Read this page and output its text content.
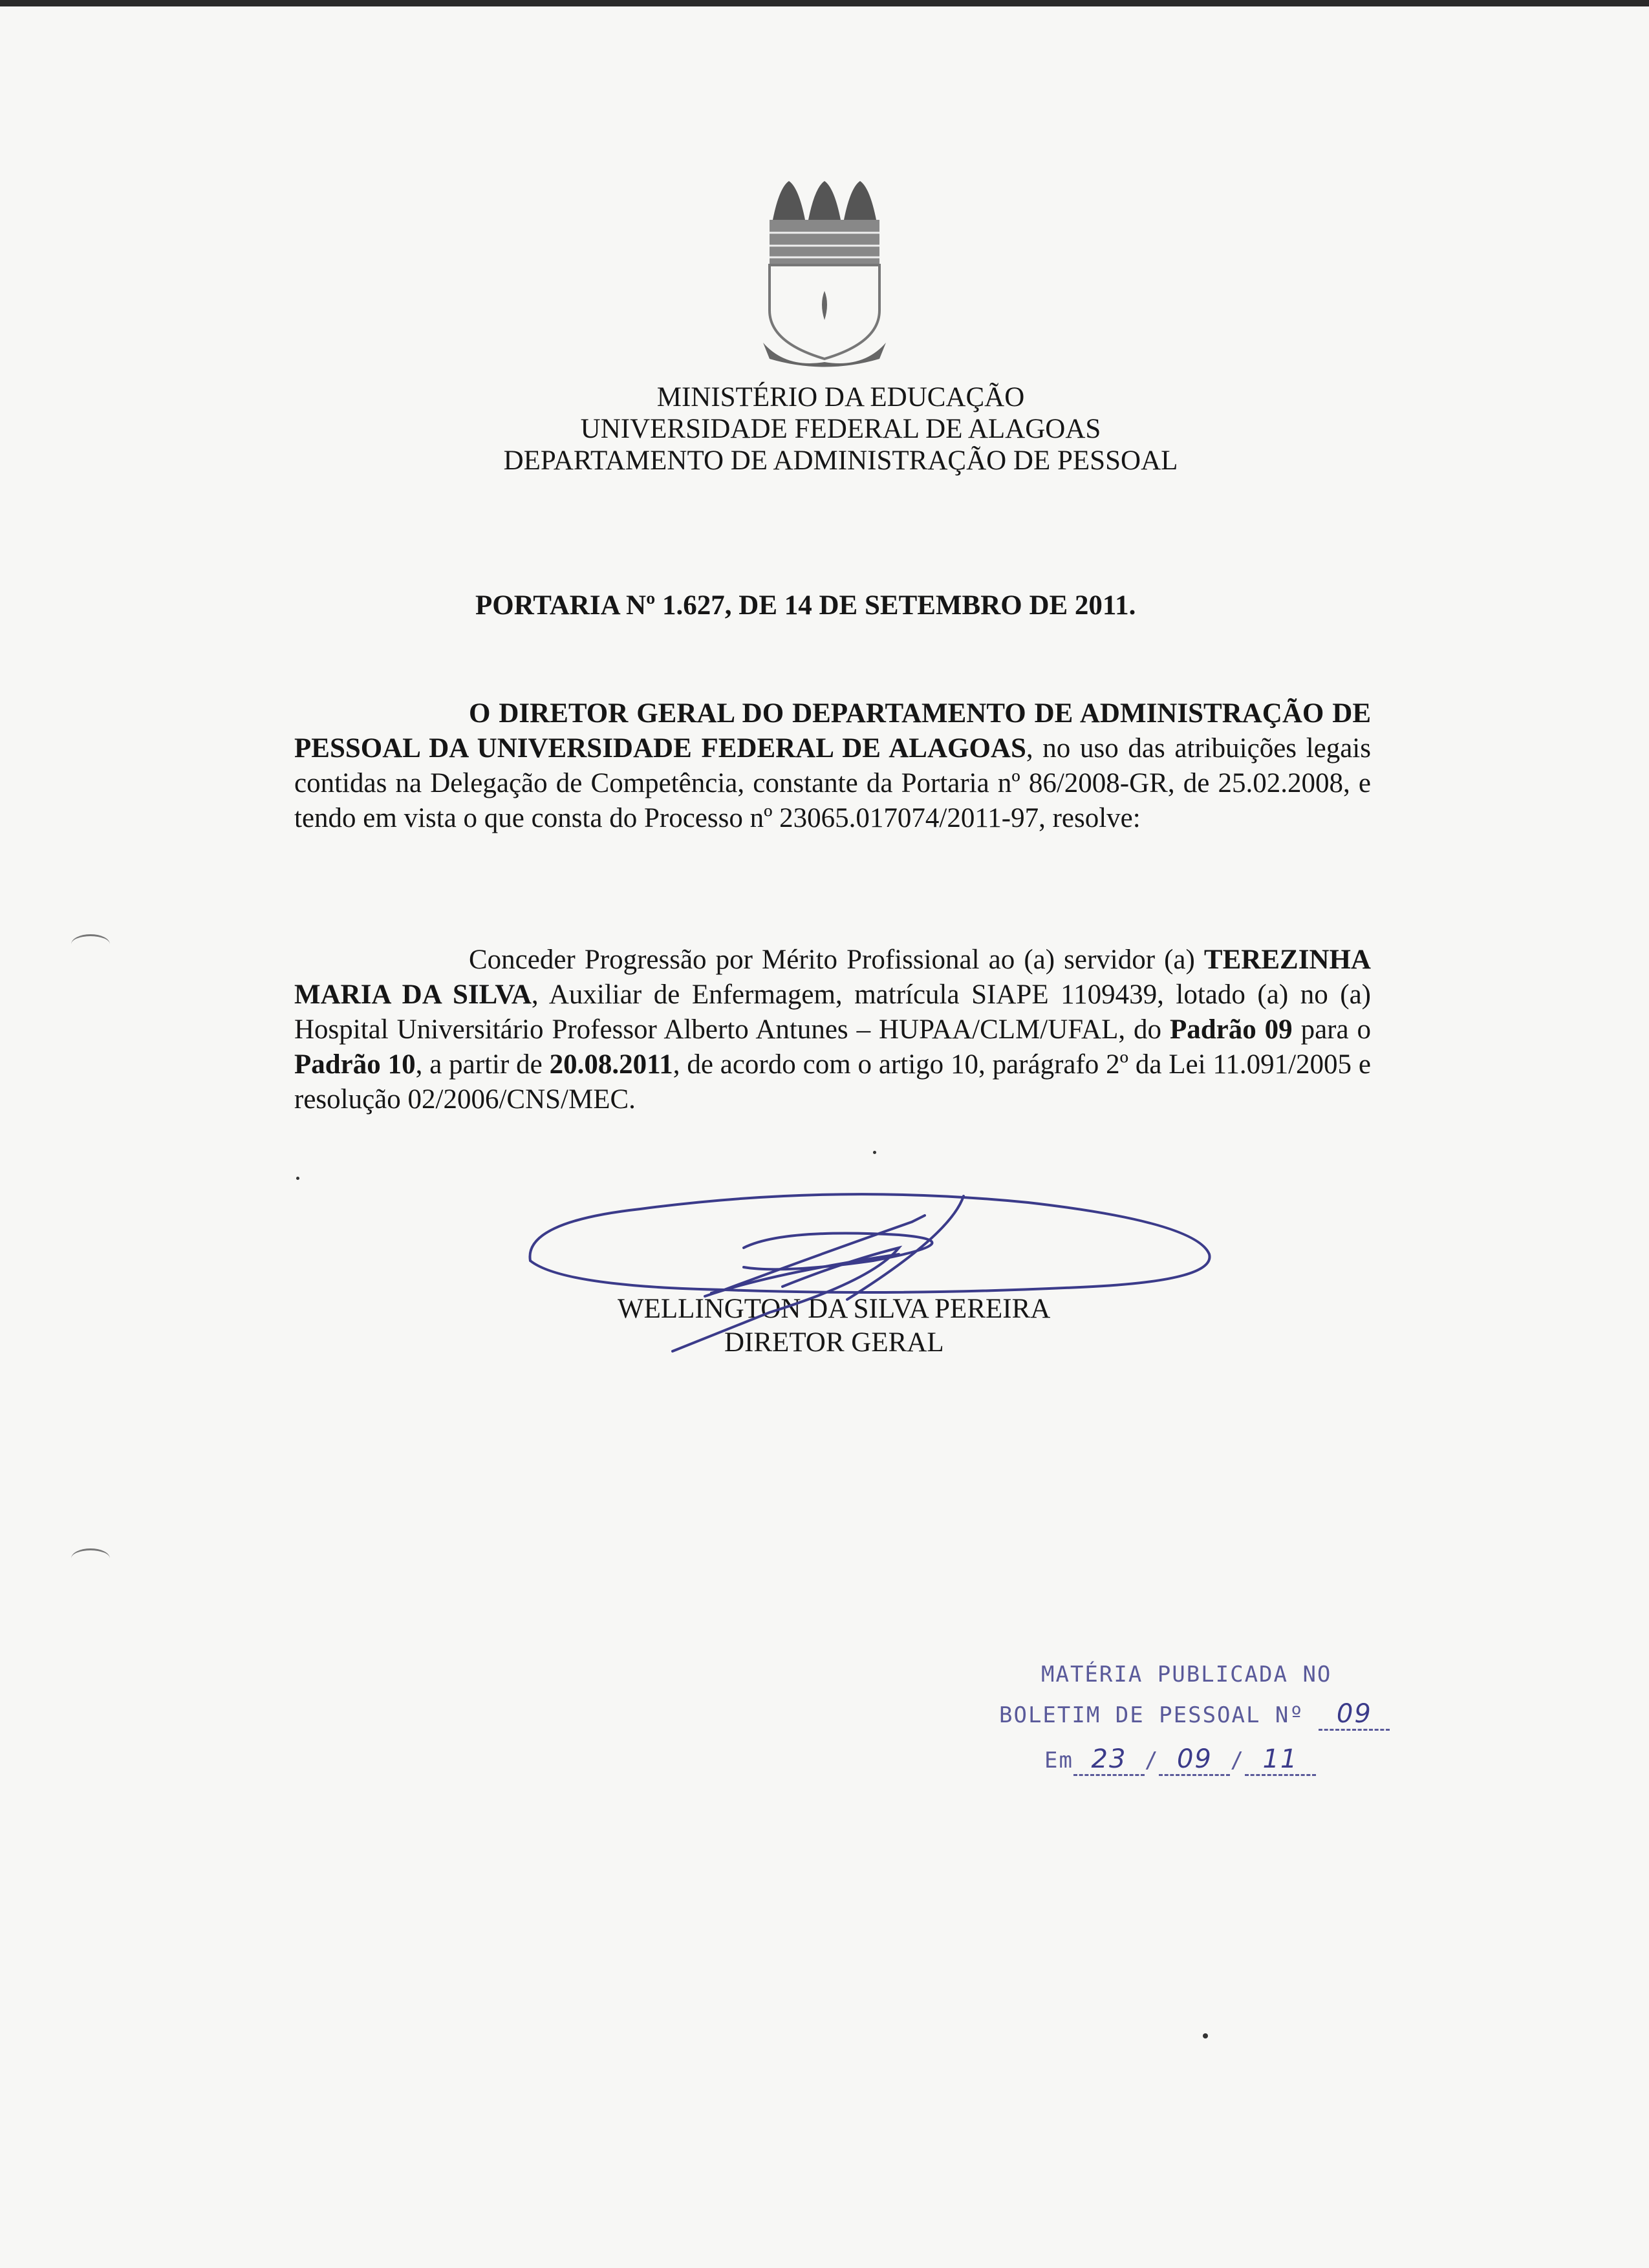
MINISTÉRIO DA EDUCAÇÃO
UNIVERSIDADE FEDERAL DE ALAGOAS
DEPARTAMENTO DE ADMINISTRAÇÃO DE PESSOAL
PORTARIA Nº 1.627, DE 14 DE SETEMBRO DE 2011.
O DIRETOR GERAL DO DEPARTAMENTO DE ADMINISTRAÇÃO DE PESSOAL DA UNIVERSIDADE FEDERAL DE ALAGOAS, no uso das atribuições legais contidas na Delegação de Competência, constante da Portaria nº 86/2008-GR, de 25.02.2008, e tendo em vista o que consta do Processo nº 23065.017074/2011-97, resolve:
Conceder Progressão por Mérito Profissional ao (a) servidor (a) TEREZINHA MARIA DA SILVA, Auxiliar de Enfermagem, matrícula SIAPE 1109439, lotado (a) no (a) Hospital Universitário Professor Alberto Antunes – HUPAA/CLM/UFAL, do Padrão 09 para o Padrão 10, a partir de 20.08.2011, de acordo com o artigo 10, parágrafo 2º da Lei 11.091/2005 e resolução 02/2006/CNS/MEC.
WELLINGTON DA SILVA PEREIRA
DIRETOR GERAL
MATÉRIA PUBLICADA NO
BOLETIM DE PESSOAL Nº 09
Em 23 / 09 / 11
